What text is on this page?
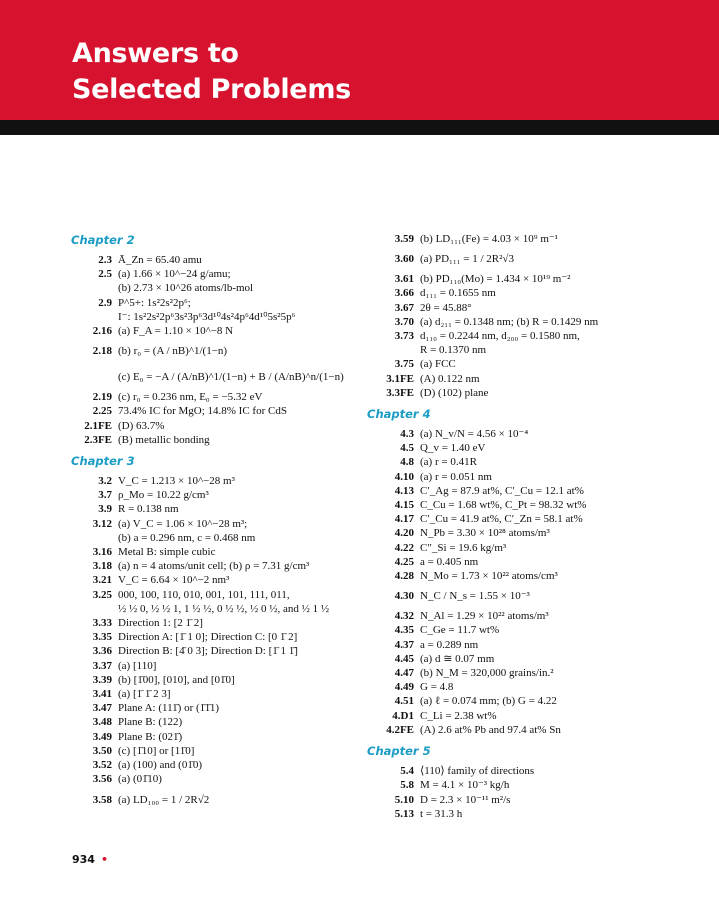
Answers to
Selected Problems
Chapter 2
2.3 Ā_Zn = 65.40 amu
2.5 (a) 1.66 × 10^−24 g/amu;
(b) 2.73 × 10^26 atoms/lb-mol
2.9 P^5+: 1s²2s²2p⁶;
I⁻: 1s²2s²2p⁶3s²3p⁶3d¹⁰4s²4p⁶4d¹⁰5s²5p⁶
2.16 (a) F_A = 1.10 × 10^−8 N
2.18 (b) r₀ = (A / nB)^1/(1−n)
(c) E₀ = −A / (A/nB)^1/(1−n) + B / (A/nB)^n/(1−n)
2.19 (c) r₀ = 0.236 nm, E₀ = −5.32 eV
2.25 73.4% IC for MgO; 14.8% IC for CdS
2.1FE (D) 63.7%
2.3FE (B) metallic bonding
Chapter 3
3.2 V_C = 1.213 × 10^−28 m³
3.7 ρ_Mo = 10.22 g/cm³
3.9 R = 0.138 nm
3.12 (a) V_C = 1.06 × 10^−28 m³;
(b) a = 0.296 nm, c = 0.468 nm
3.16 Metal B: simple cubic
3.18 (a) n = 4 atoms/unit cell; (b) ρ = 7.31 g/cm³
3.21 V_C = 6.64 × 10^−2 nm³
3.25 000, 100, 110, 010, 001, 101, 111, 011,
½ ½ 0, ½ ½ 1, 1 ½ ½, 0 ½ ½, ½ 0 ½, and ½ 1 ½
3.33 Direction 1: [2 1̄ 2]
3.35 Direction A: [1̄ 1 0]; Direction C: [0 1̄ 2]
3.36 Direction B: [4̄ 0 3]; Direction D: [1̄ 1 1̄]
3.37 (a) [110]
3.39 (b) [1̄00], [010], and [01̄0]
3.41 (a) [1̄ 1̄ 2 3]
3.47 Plane A: (111̄) or (1̄1̄1)
3.48 Plane B: (122)
3.49 Plane B: (021̄)
3.50 (c) [1̄10] or [11̄0]
3.52 (a) (100) and (01̄0)
3.56 (a) (01̄10)
3.58 (a) LD₁₀₀ = 1 / 2R√2
3.59 (b) LD₁₁₁(Fe) = 4.03 × 10⁹ m⁻¹
3.60 (a) PD₁₁₁ = 1 / 2R²√3
3.61 (b) PD₁₁₀(Mo) = 1.434 × 10¹⁹ m⁻²
3.66 d₁₁₁ = 0.1655 nm
3.67 2θ = 45.88°
3.70 (a) d₂₁₁ = 0.1348 nm; (b) R = 0.1429 nm
3.73 d₁₁₀ = 0.2244 nm, d₂₀₀ = 0.1580 nm,
R = 0.1370 nm
3.75 (a) FCC
3.1FE (A) 0.122 nm
3.3FE (D) (102) plane
Chapter 4
4.3 (a) N_v/N = 4.56 × 10⁻⁴
4.5 Q_v = 1.40 eV
4.8 (a) r = 0.41R
4.10 (a) r = 0.051 nm
4.13 C′_Ag = 87.9 at%, C′_Cu = 12.1 at%
4.15 C_Cu = 1.68 wt%, C_Pt = 98.32 wt%
4.17 C′_Cu = 41.9 at%, C′_Zn = 58.1 at%
4.20 N_Pb = 3.30 × 10²⁸ atoms/m³
4.22 C″_Si = 19.6 kg/m³
4.25 a = 0.405 nm
4.28 N_Mo = 1.73 × 10²² atoms/cm³
4.30 N_C / N_s = 1.55 × 10⁻³
4.32 N_Al = 1.29 × 10²² atoms/m³
4.35 C_Ge = 11.7 wt%
4.37 a = 0.289 nm
4.45 (a) d ≅ 0.07 mm
4.47 (b) N_M = 320,000 grains/in.²
4.49 G = 4.8
4.51 (a) ℓ = 0.074 mm; (b) G = 4.22
4.D1 C_Li = 2.38 wt%
4.2FE (A) 2.6 at% Pb and 97.4 at% Sn
Chapter 5
5.4 ⟨110⟩ family of directions
5.8 M = 4.1 × 10⁻³ kg/h
5.10 D = 2.3 × 10⁻¹¹ m²/s
5.13 t = 31.3 h
934 •
